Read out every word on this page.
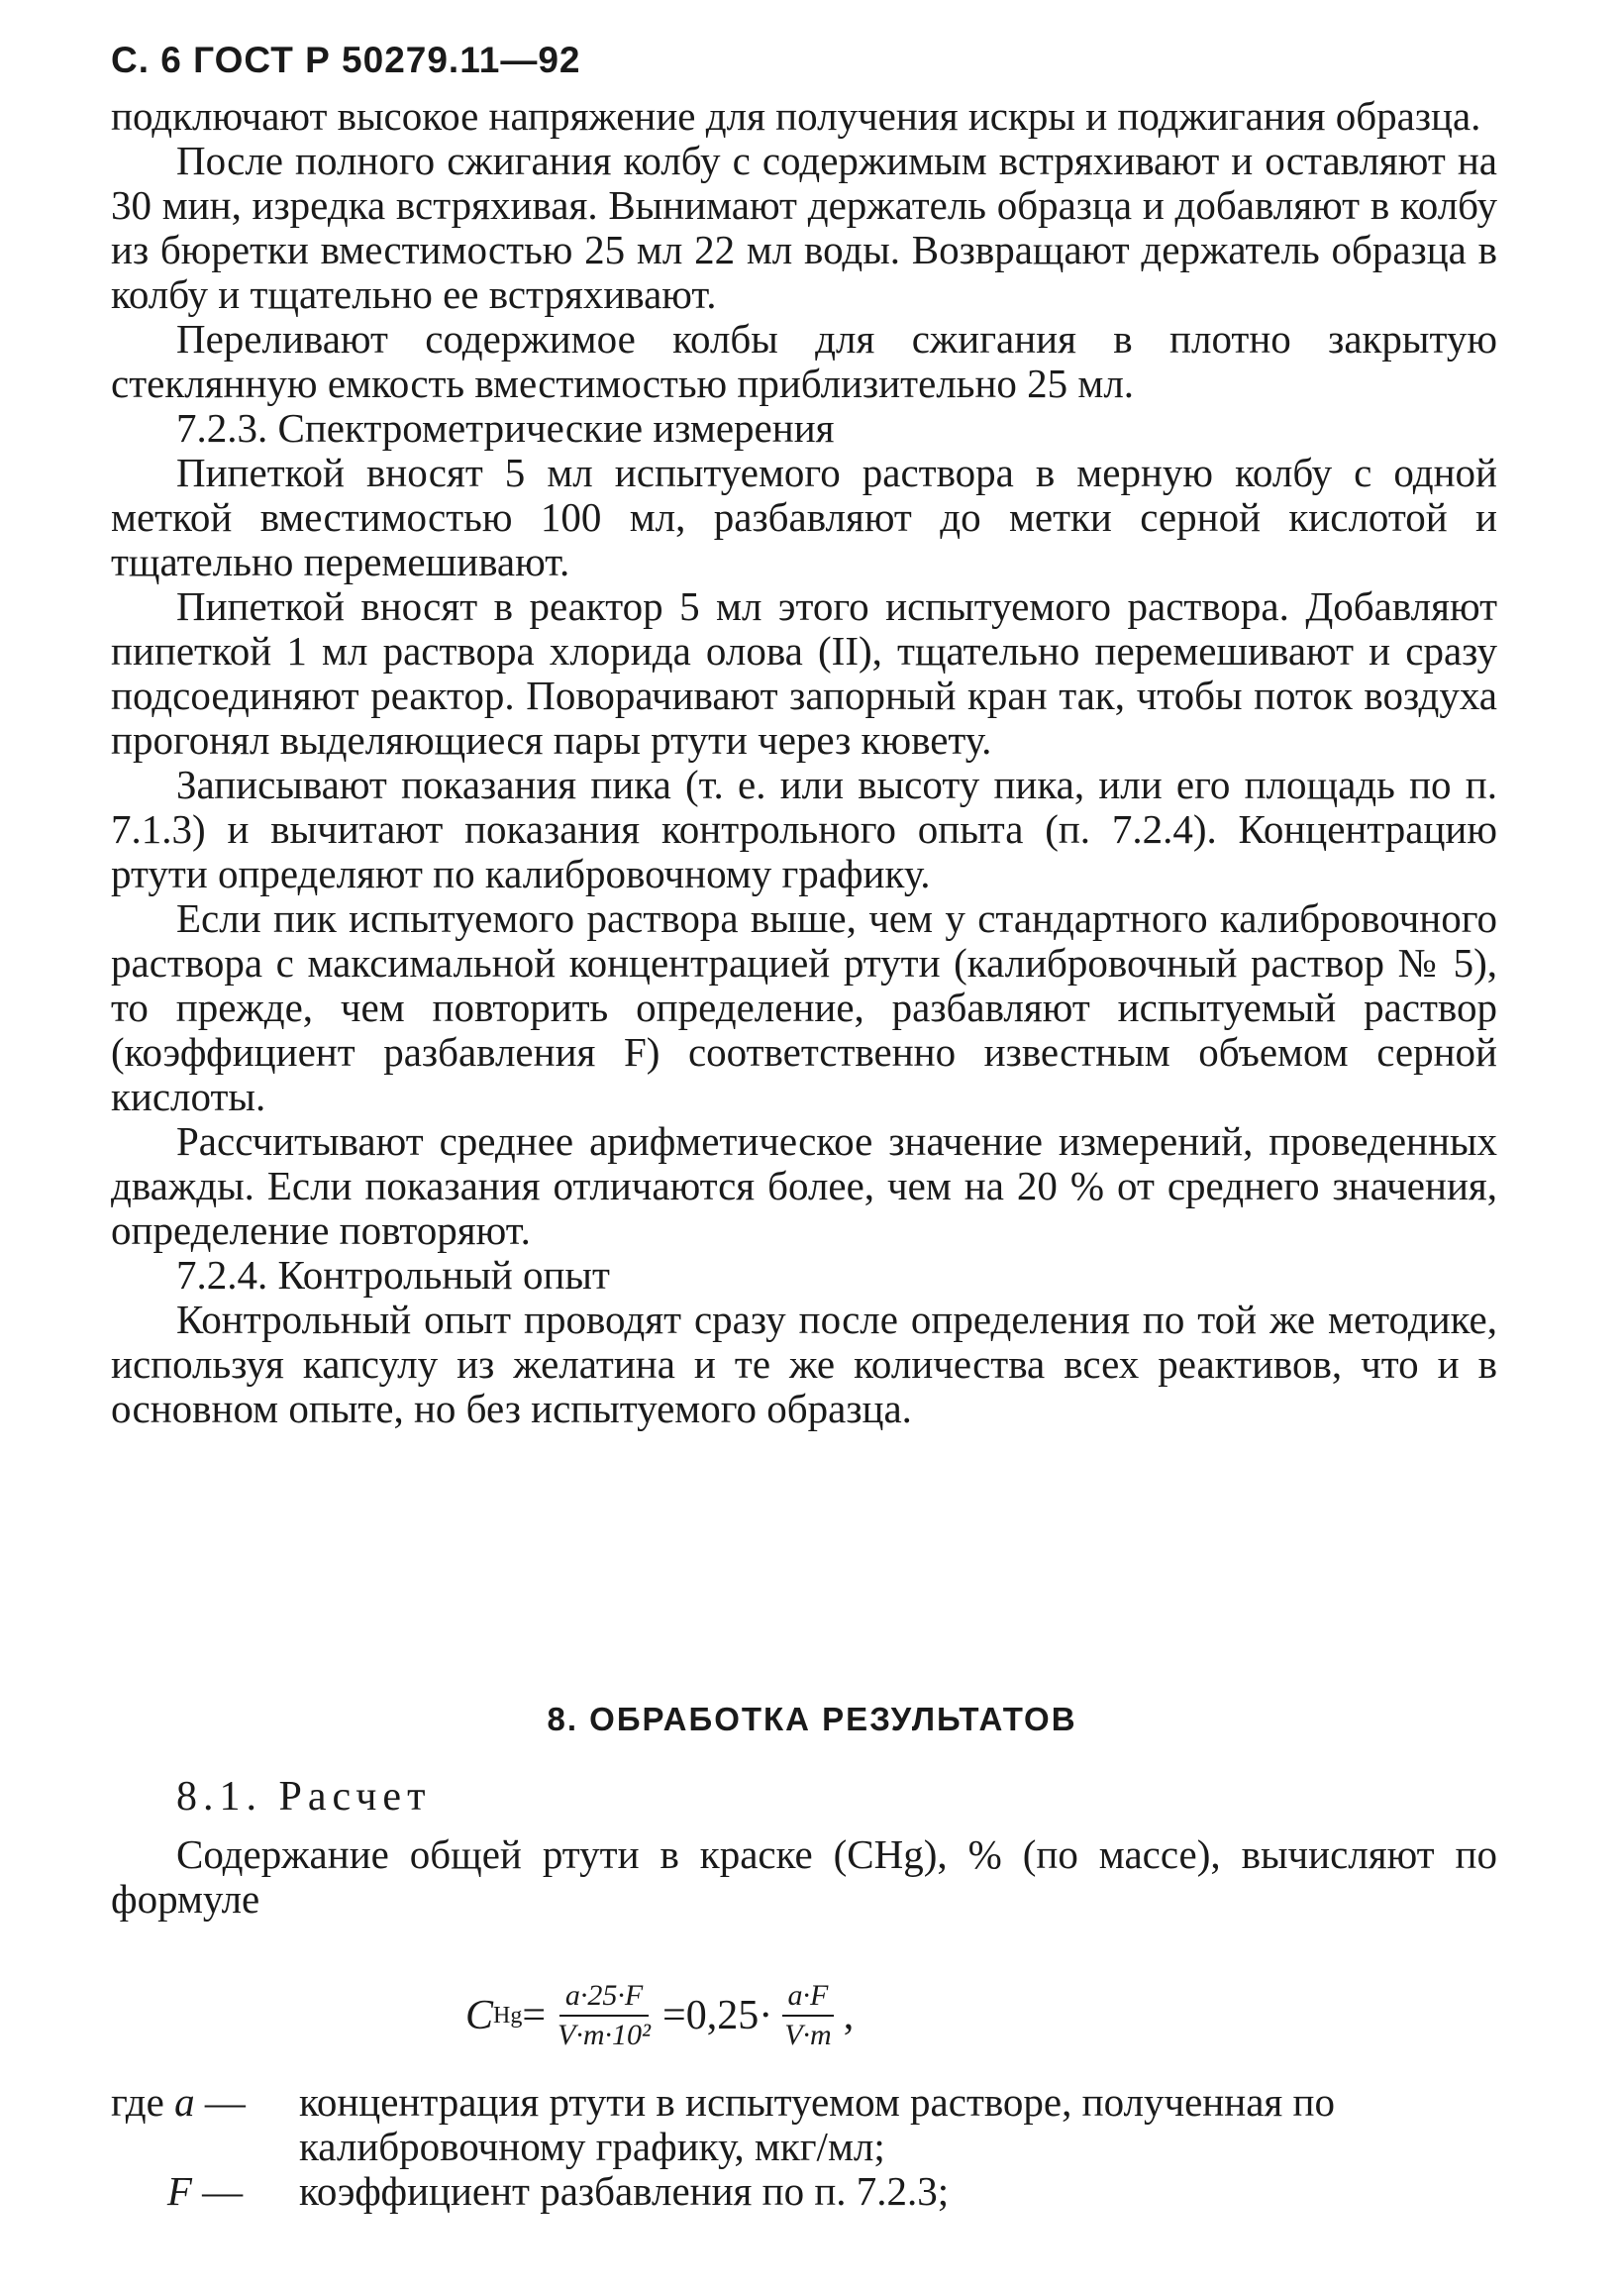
С. 6 ГОСТ Р 50279.11—92

подключают высокое напряжение для получения искры и поджигания образца.

После полного сжигания колбу с содержимым встряхивают и оставляют на 30 мин, изредка встряхивая. Вынимают держатель образца и добавляют в колбу из бюретки вместимостью 25 мл 22 мл воды. Возвращают держатель образца в колбу и тщательно ее встряхивают.

Переливают содержимое колбы для сжигания в плотно закрытую стеклянную емкость вместимостью приблизительно 25 мл.

7.2.3. Спектрометрические измерения

Пипеткой вносят 5 мл испытуемого раствора в мерную колбу с одной меткой вместимостью 100 мл, разбавляют до метки серной кислотой и тщательно перемешивают.

Пипеткой вносят в реактор 5 мл этого испытуемого раствора. Добавляют пипеткой 1 мл раствора хлорида олова (II), тщательно перемешивают и сразу подсоединяют реактор. Поворачивают запорный кран так, чтобы поток воздуха прогонял выделяющиеся пары ртути через кювету.

Записывают показания пика (т. е. или высоту пика, или его площадь по п. 7.1.3) и вычитают показания контрольного опыта (п. 7.2.4). Концентрацию ртути определяют по калибровочному графику.

Если пик испытуемого раствора выше, чем у стандартного калибровочного раствора с максимальной концентрацией ртути (калибровочный раствор № 5), то прежде, чем повторить определение, разбавляют испытуемый раствор (коэффициент разбавления F) соответственно известным объемом серной кислоты.

Рассчитывают среднее арифметическое значение измерений, проведенных дважды. Если показания отличаются более, чем на 20 % от среднего значения, определение повторяют.

7.2.4. Контрольный опыт

Контрольный опыт проводят сразу после определения по той же методике, используя капсулу из желатина и те же количества всех реактивов, что и в основном опыте, но без испытуемого образца.

8. ОБРАБОТКА РЕЗУЛЬТАТОВ
8.1. Расчет

Содержание общей ртути в краске (CHg), % (по массе), вычисляют по формуле

C $Hg = \frac{a\cdot 25\cdot F}{\text{V·m·10²}} =0,25\cdot \frac{a\cdot F}{V\cdot m}$ ,
где a —	концентрация ртути в испытуемом растворе, полученная по калибровочному графику, мкг/мл;
F —	коэффициент разбавления по п. 7.2.3;
